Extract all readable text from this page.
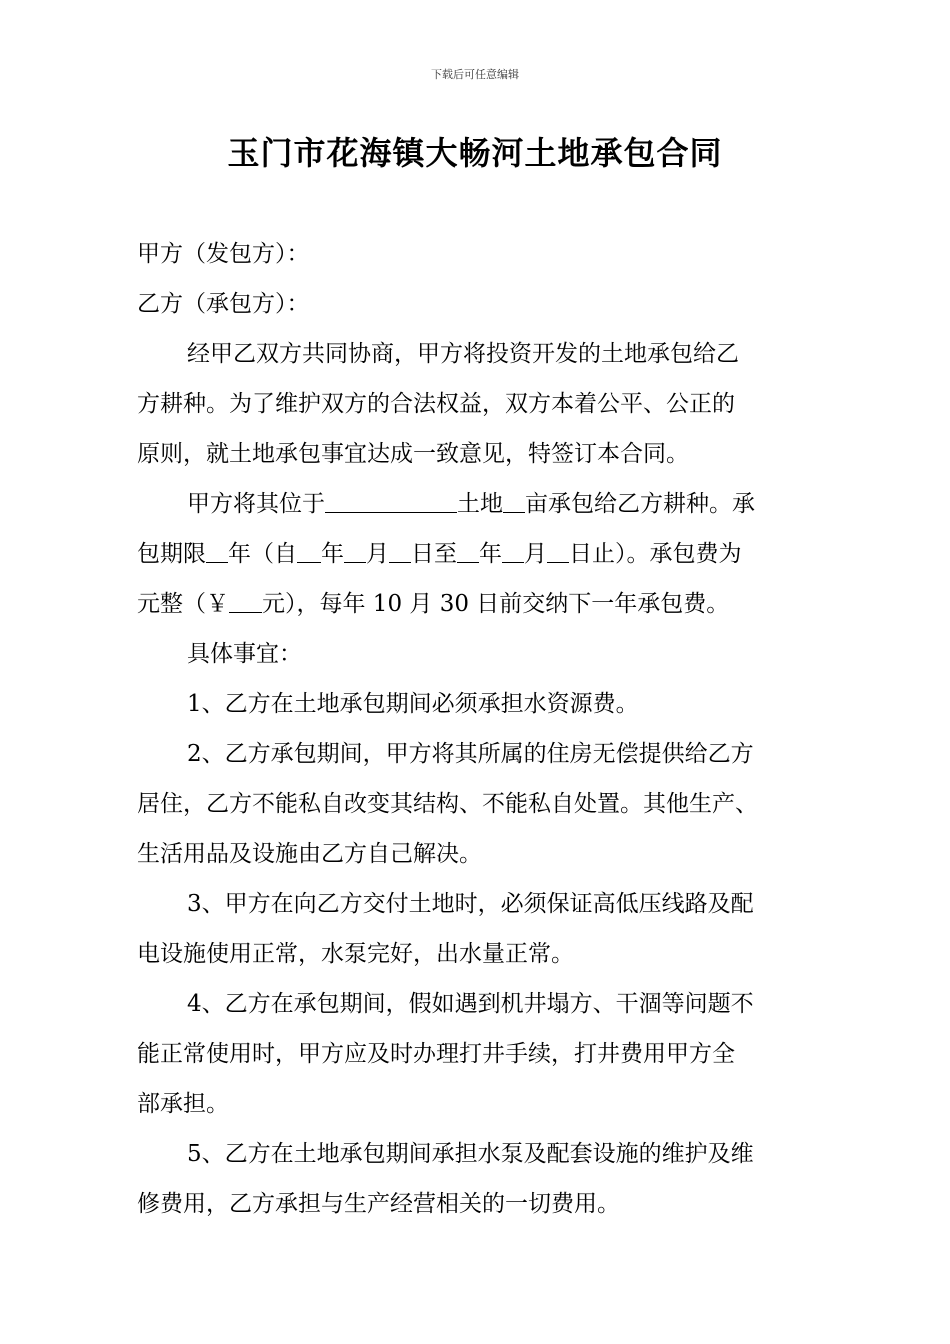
下载后可任意编辑
玉门市花海镇大畅河土地承包合同
甲方（发包方）：
乙方（承包方）：
经甲乙双方共同协商，甲方将投资开发的土地承包给乙
方耕种。为了维护双方的合法权益，双方本着公平、公正的
原则，就土地承包事宜达成一致意见，特签订本合同。
甲方将其位于	土地 亩承包给乙方耕种。承
包期限 年（自 年 月 日至 年 月 日止）。承包费为
元整（￥ 元），每年 10 月 30 日前交纳下一年承包费。
具体事宜：
1、乙方在土地承包期间必须承担水资源费。
2、乙方承包期间，甲方将其所属的住房无偿提供给乙方
居住，乙方不能私自改变其结构、不能私自处置。其他生产、
生活用品及设施由乙方自己解决。
3、甲方在向乙方交付土地时，必须保证高低压线路及配
电设施使用正常，水泵完好，出水量正常。
4、乙方在承包期间，假如遇到机井塌方、干涸等问题不
能正常使用时，甲方应及时办理打井手续，打井费用甲方全
部承担。
5、乙方在土地承包期间承担水泵及配套设施的维护及维
修费用，乙方承担与生产经营相关的一切费用。
